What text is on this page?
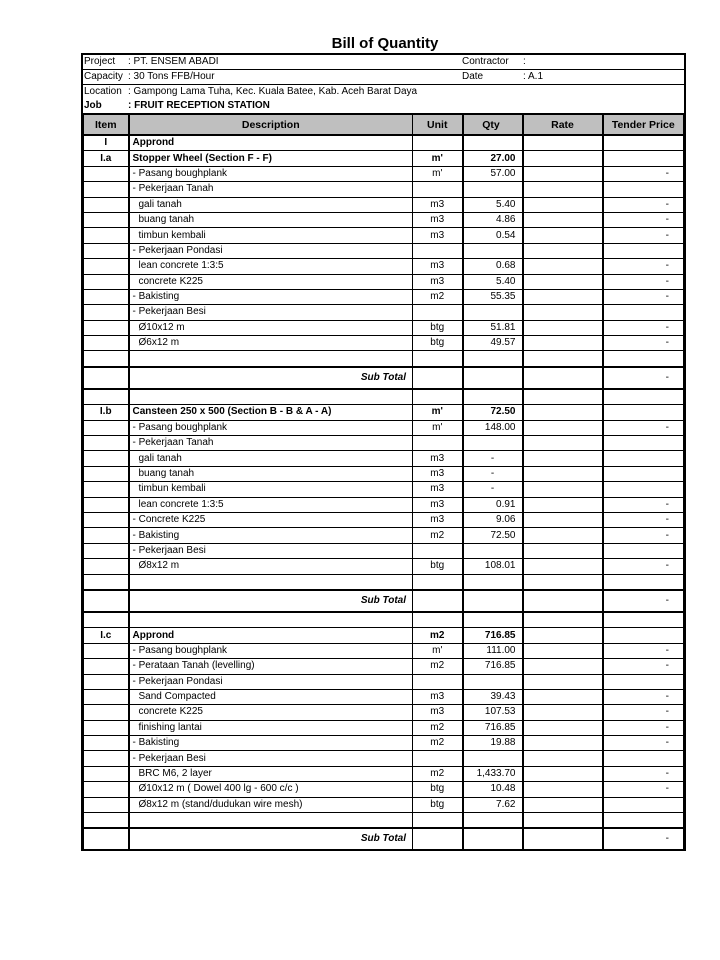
Bill of Quantity
Project	: PT. ENSEM ABADI	Contractor :
Capacity : 30 Tons FFB/Hour	Date	: A.1
Location : Gampong Lama Tuha, Kec. Kuala Batee, Kab. Aceh Barat Daya
Job	: FRUIT RECEPTION STATION
Item	Description	Unit	Qty	Rate	Tender Price
I	Apprond				
I.a	Stopper Wheel (Section F - F)	m'	27.00		
	- Pasang boughplank	m'	57.00		-
	- Pekerjaan Tanah				
	gali tanah	m3	5.40		-
	buang tanah	m3	4.86		-
	timbun kembali	m3	0.54		-
	- Pekerjaan Pondasi				
	lean concrete 1:3:5	m3	0.68		-
	concrete K225	m3	5.40		-
	- Bakisting	m2	55.35		-
	- Pekerjaan Besi				
	Ø10x12 m	btg	51.81		-
	Ø6x12 m	btg	49.57		-

	Sub Total				-

I.b	Cansteen 250 x 500 (Section B - B & A - A)	m'	72.50		
	- Pasang boughplank	m'	148.00		-
	- Pekerjaan Tanah				
	gali tanah	m3	-		
	buang tanah	m3	-		
	timbun kembali	m3	-		
	lean concrete 1:3:5	m3	0.91		-
	- Concrete K225	m3	9.06		-
	- Bakisting	m2	72.50		-
	- Pekerjaan Besi				
	Ø8x12 m	btg	108.01		-

	Sub Total				-

I.c	Apprond	m2	716.85		
	- Pasang boughplank	m'	111.00		-
	- Perataan Tanah (levelling)	m2	716.85		-
	- Pekerjaan Pondasi				
	Sand Compacted	m3	39.43		-
	concrete K225	m3	107.53		-
	finishing lantai	m2	716.85		-
	- Bakisting	m2	19.88		-
	- Pekerjaan Besi				
	BRC M6, 2 layer	m2	1,433.70		-
	Ø10x12 m ( Dowel 400 lg - 600 c/c )	btg	10.48		-
	Ø8x12 m (stand/dudukan wire mesh)	btg	7.62		

	Sub Total				-
